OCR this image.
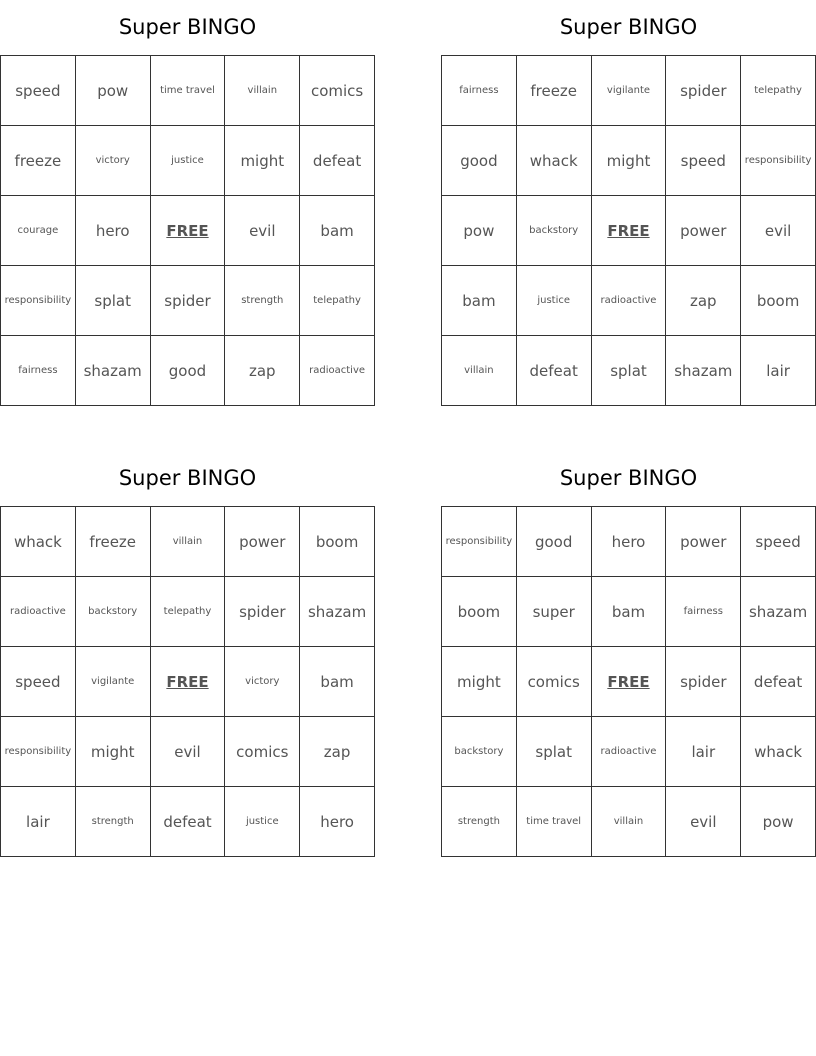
Super BINGO
speed	pow	time travel	villain	comics
freeze	victory	justice	might	defeat
courage	hero	FREE	evil	bam
responsibility	splat	spider	strength	telepathy
fairness	shazam	good	zap	radioactive
Super BINGO
fairness	freeze	vigilante	spider	telepathy
good	whack	might	speed	responsibility
pow	backstory	FREE	power	evil
bam	justice	radioactive	zap	boom
villain	defeat	splat	shazam	lair
Super BINGO
whack	freeze	villain	power	boom
radioactive	backstory	telepathy	spider	shazam
speed	vigilante	FREE	victory	bam
responsibility	might	evil	comics	zap
lair	strength	defeat	justice	hero
Super BINGO
responsibility	good	hero	power	speed
boom	super	bam	fairness	shazam
might	comics	FREE	spider	defeat
backstory	splat	radioactive	lair	whack
strength	time travel	villain	evil	pow
